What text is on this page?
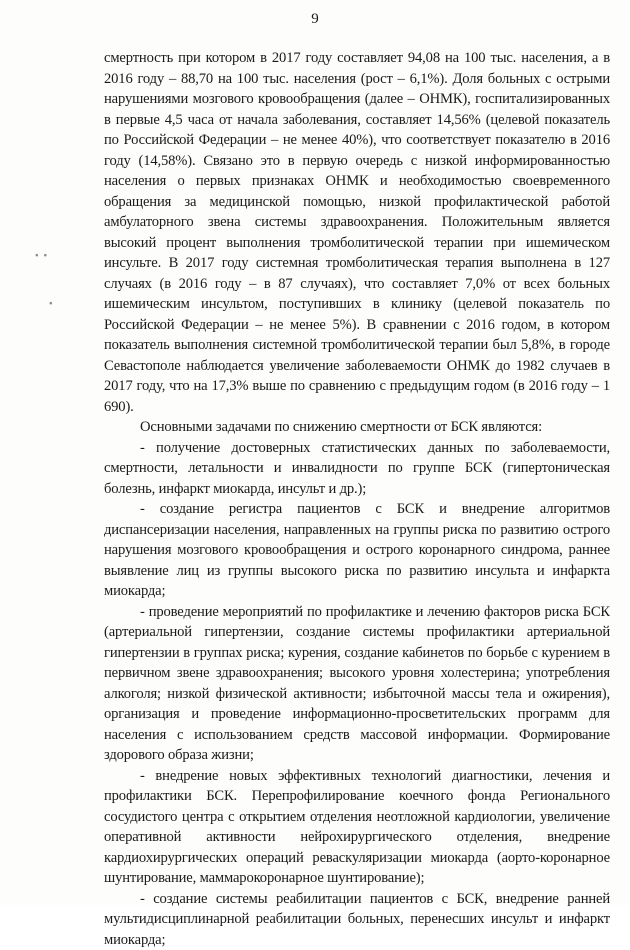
9
∙ ∙
∙

смертность при котором в 2017 году составляет 94,08 на 100 тыс. населения, а в 2016 году – 88,70 на 100 тыс. населения (рост – 6,1%). Доля больных с острыми нарушениями мозгового кровообращения (далее – ОНМК), госпитализированных в первые 4,5 часа от начала заболевания, составляет 14,56% (целевой показатель по Российской Федерации – не менее 40%), что соответствует показателю в 2016 году (14,58%). Связано это в первую очередь с низкой информированностью населения о первых признаках ОНМК и необходимостью своевременного обращения за медицинской помощью, низкой профилактической работой амбулаторного звена системы здравоохранения. Положительным является высокий процент выполнения тромболитической терапии при ишемическом инсульте. В 2017 году системная тромболитическая терапия выполнена в 127 случаях (в 2016 году – в 87 случаях), что составляет 7,0% от всех больных ишемическим инсультом, поступивших в клинику (целевой показатель по Российской Федерации – не менее 5%). В сравнении с 2016 годом, в котором показатель выполнения системной тромболитической терапии был 5,8%, в городе Севастополе наблюдается увеличение заболеваемости ОНМК до 1982 случаев в 2017 году, что на 17,3% выше по сравнению с предыдущим годом (в 2016 году – 1 690).

Основными задачами по снижению смертности от БСК являются:

- получение достоверных статистических данных по заболеваемости, смертности, летальности и инвалидности по группе БСК (гипертоническая болезнь, инфаркт миокарда, инсульт и др.);

- создание регистра пациентов с БСК и внедрение алгоритмов диспансеризации населения, направленных на группы риска по развитию острого нарушения мозгового кровообращения и острого коронарного синдрома, раннее выявление лиц из группы высокого риска по развитию инсульта и инфаркта миокарда;

- проведение мероприятий по профилактике и лечению факторов риска БСК (артериальной гипертензии, создание системы профилактики артериальной гипертензии в группах риска; курения, создание кабинетов по борьбе с курением в первичном звене здравоохранения; высокого уровня холестерина; употребления алкоголя; низкой физической активности; избыточной массы тела и ожирения), организация и проведение информационно-просветительских программ для населения с использованием средств массовой информации. Формирование здорового образа жизни;

- внедрение новых эффективных технологий диагностики, лечения и профилактики БСК. Перепрофилирование коечного фонда Регионального сосудистого центра с открытием отделения неотложной кардиологии, увеличение оперативной активности нейрохирургического отделения, внедрение кардиохирургических операций реваскуляризации миокарда (аорто-коронарное шунтирование, маммарокоронарное шунтирование);

- создание системы реабилитации пациентов с БСК, внедрение ранней мультидисциплинарной реабилитации больных, перенесших инсульт и инфаркт миокарда;
